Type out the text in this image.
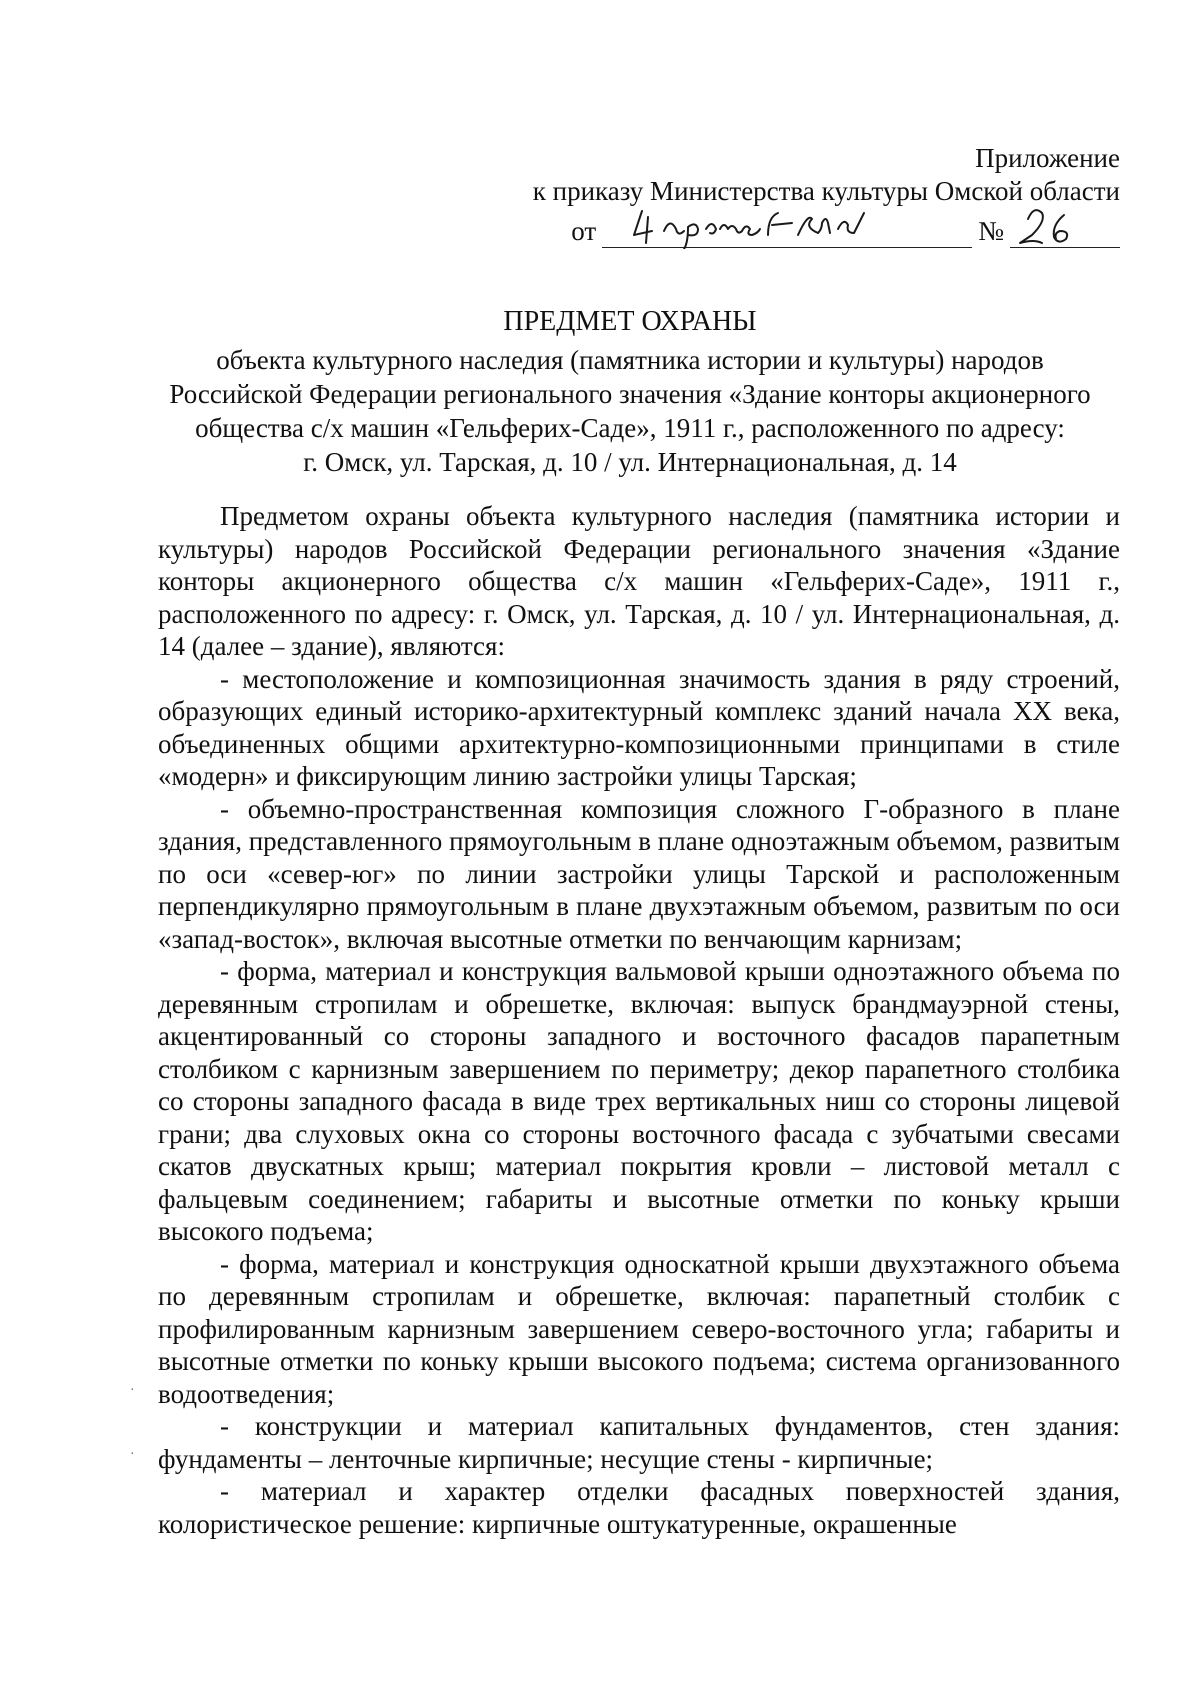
Приложение
к приказу Министерства культуры Омской области
от	№
ПРЕДМЕТ ОХРАНЫ
объекта культурного наследия (памятника истории и культуры) народов
Российской Федерации регионального значения «Здание конторы акционерного
общества с/х машин «Гельферих-Саде», 1911 г., расположенного по адресу:
г. Омск, ул. Тарская, д. 10 / ул. Интернациональная, д. 14

Предметом охраны объекта культурного наследия (памятника истории и культуры) народов Российской Федерации регионального значения «Здание конторы акционерного общества с/х машин «Гельферих-Саде», 1911 г., расположенного по адресу: г. Омск, ул. Тарская, д. 10 / ул. Интернациональная, д. 14 (далее – здание), являются:

- местоположение и композиционная значимость здания в ряду строений, образующих единый историко-архитектурный комплекс зданий начала XX века, объединенных общими архитектурно-композиционными принципами в стиле «модерн» и фиксирующим линию застройки улицы Тарская;

- объемно-пространственная композиция сложного Г-образного в плане здания, представленного прямоугольным в плане одноэтажным объемом, развитым по оси «север-юг» по линии застройки улицы Тарской и расположенным перпендикулярно прямоугольным в плане двухэтажным объемом, развитым по оси «запад-восток», включая высотные отметки по венчающим карнизам;

- форма, материал и конструкция вальмовой крыши одноэтажного объема по деревянным стропилам и обрешетке, включая: выпуск брандмауэрной стены, акцентированный со стороны западного и восточного фасадов парапетным столбиком с карнизным завершением по периметру; декор парапетного столбика со стороны западного фасада в виде трех вертикальных ниш со стороны лицевой грани; два слуховых окна со стороны восточного фасада с зубчатыми свесами скатов двускатных крыш; материал покрытия кровли – листовой металл с фальцевым соединением; габариты и высотные отметки по коньку крыши высокого подъема;

- форма, материал и конструкция односкатной крыши двухэтажного объема по деревянным стропилам и обрешетке, включая: парапетный столбик с профилированным карнизным завершением северо-восточного угла; габариты и высотные отметки по коньку крыши высокого подъема; система организованного водоотведения;

- конструкции и материал капитальных фундаментов, стен здания: фундаменты – ленточные кирпичные; несущие стены - кирпичные;

- материал и характер отделки фасадных поверхностей здания, колористическое решение: кирпичные оштукатуренные, окрашенные

·
·
